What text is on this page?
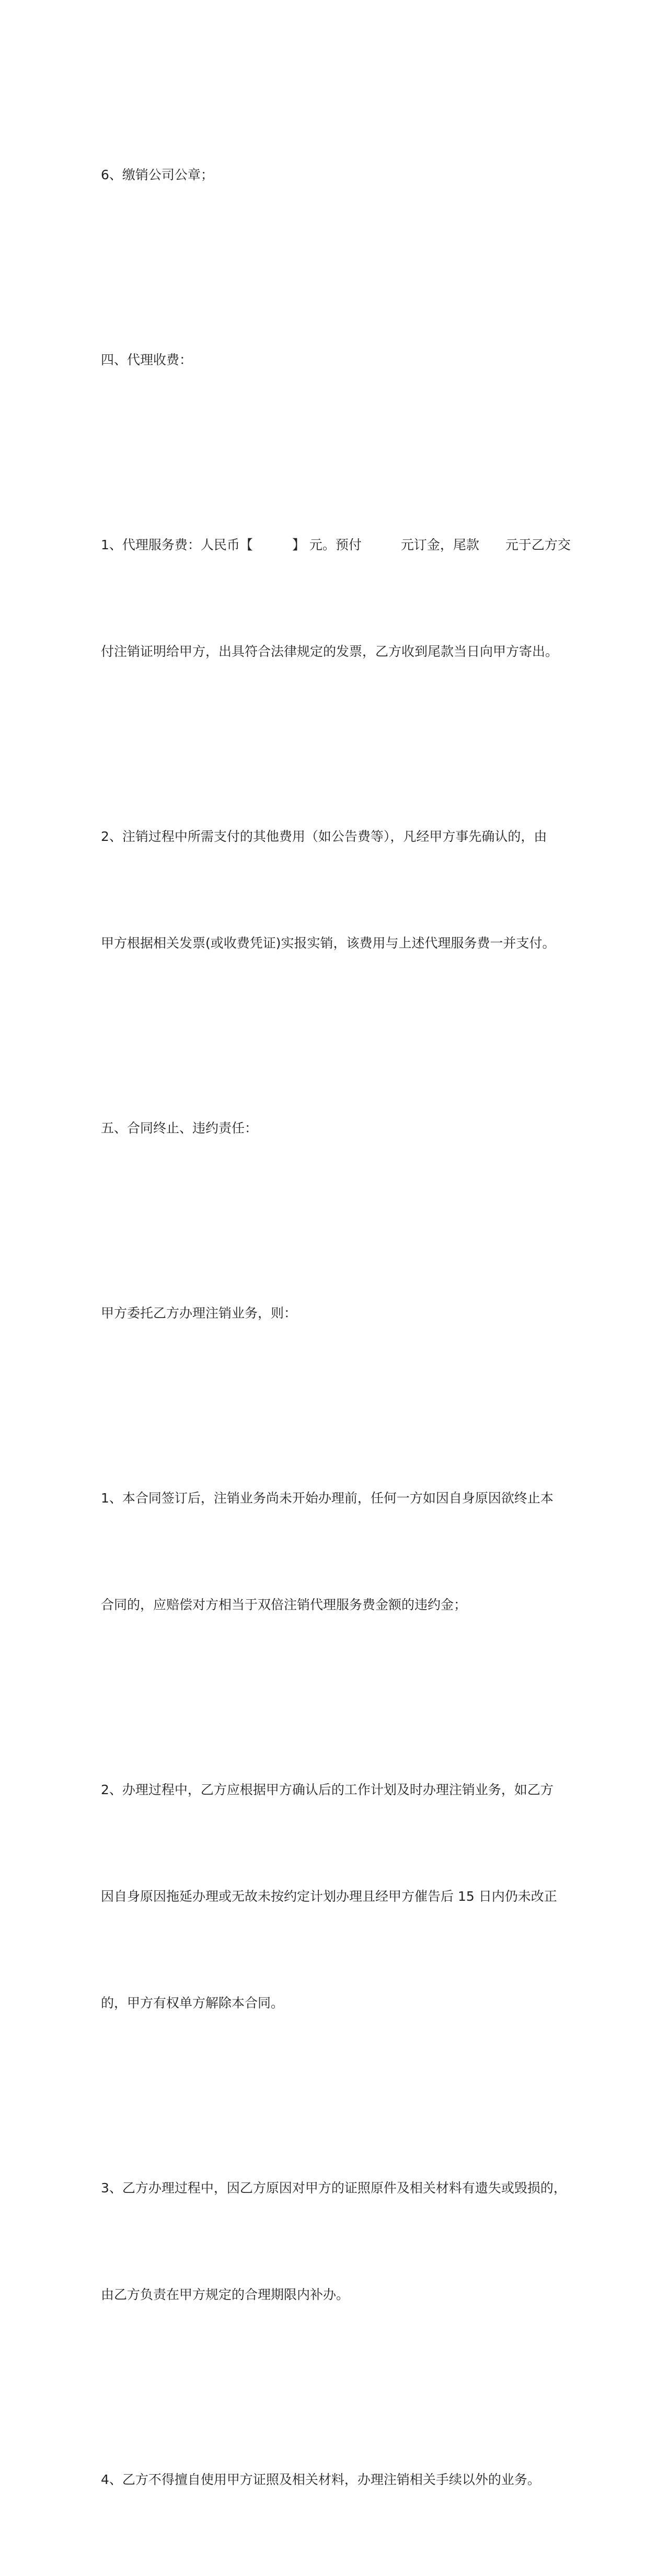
6、缴销公司公章；

四、代理收费：

1、代理服务费：人民币【　　　】 元。预付　　　元订金，尾款　　元于乙方交

付注销证明给甲方，出具符合法律规定的发票，乙方收到尾款当日向甲方寄出。

2、注销过程中所需支付的其他费用（如公告费等），凡经甲方事先确认的，由

甲方根据相关发票(或收费凭证)实报实销，该费用与上述代理服务费一并支付。

五、合同终止、违约责任：

甲方委托乙方办理注销业务，则：

1、本合同签订后，注销业务尚未开始办理前，任何一方如因自身原因欲终止本

合同的，应赔偿对方相当于双倍注销代理服务费金额的违约金；

2、办理过程中，乙方应根据甲方确认后的工作计划及时办理注销业务，如乙方

因自身原因拖延办理或无故未按约定计划办理且经甲方催告后 15 日内仍未改正

的，甲方有权单方解除本合同。

3、乙方办理过程中，因乙方原因对甲方的证照原件及相关材料有遗失或毁损的，

由乙方负责在甲方规定的合理期限内补办。

4、乙方不得擅自使用甲方证照及相关材料，办理注销相关手续以外的业务。
